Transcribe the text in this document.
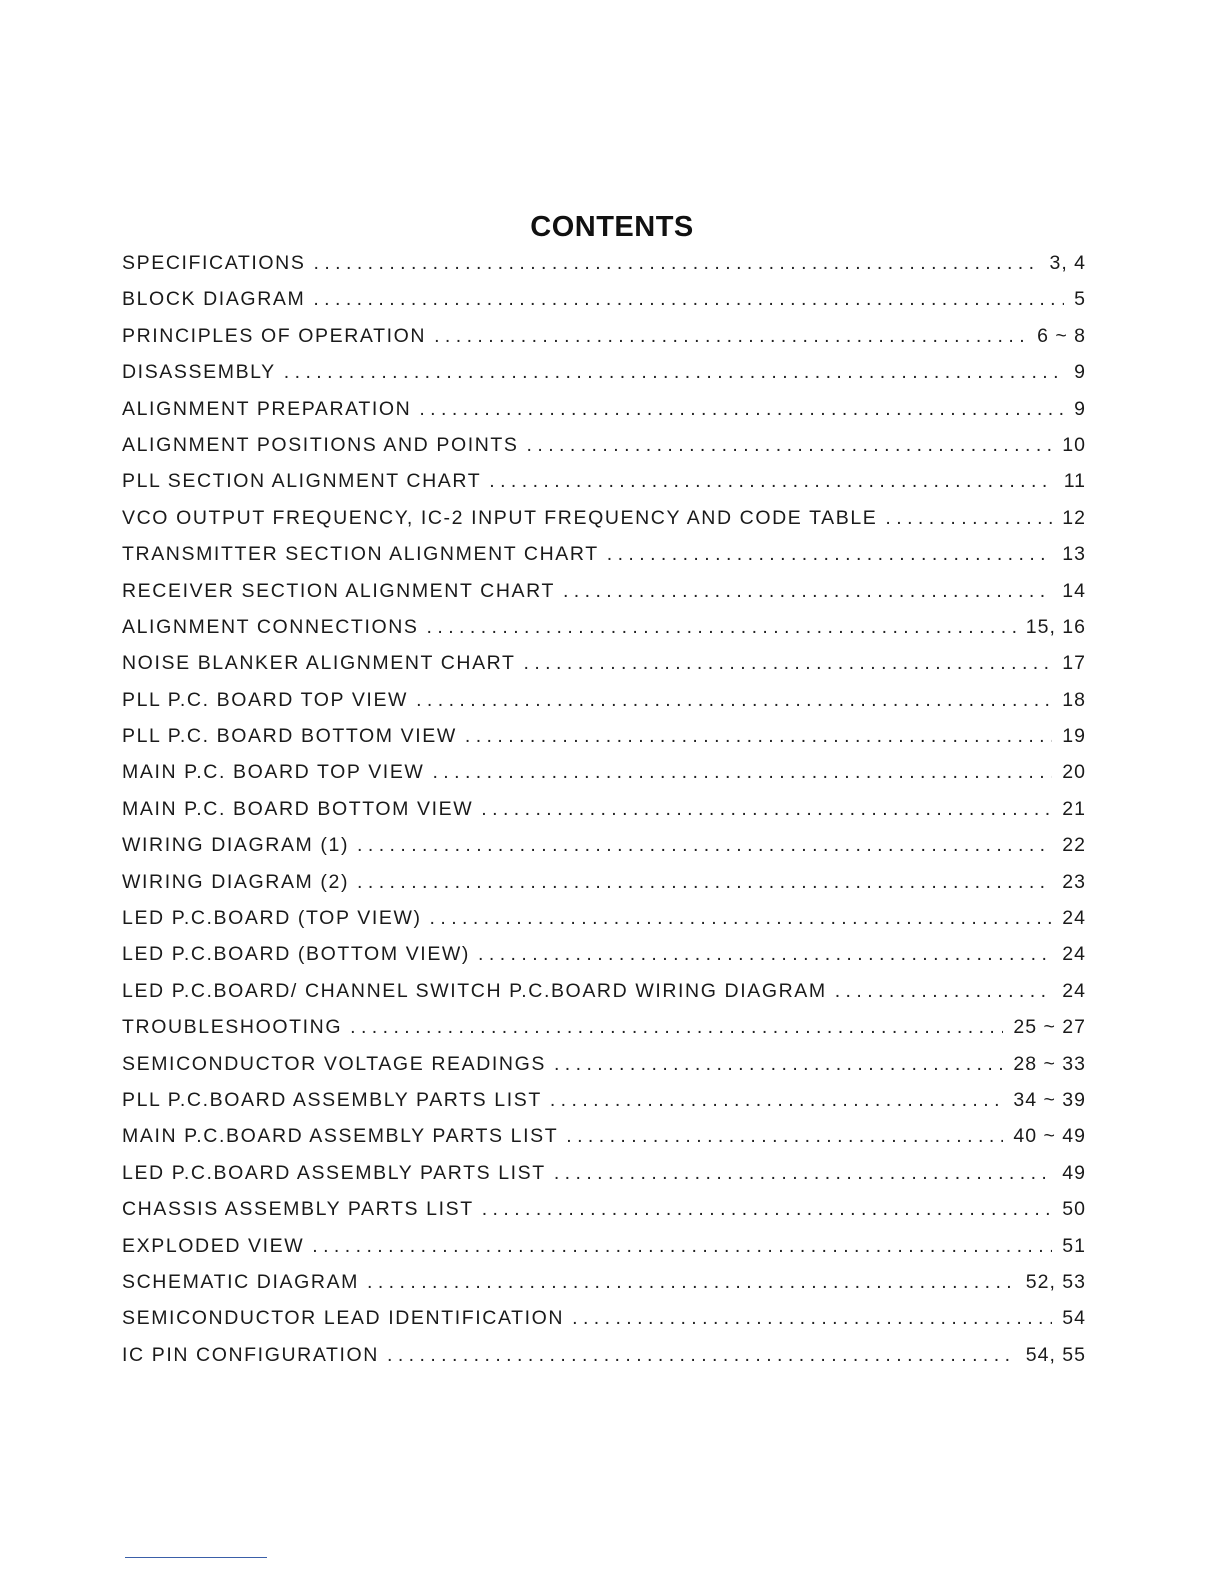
CONTENTS
SPECIFICATIONS . . .	3, 4
BLOCK DIAGRAM . . .	5
PRINCIPLES OF OPERATION . . .	6 ~ 8
DISASSEMBLY . . .	9
ALIGNMENT PREPARATION . . .	9
ALIGNMENT POSITIONS AND POINTS . . .	10
PLL SECTION ALIGNMENT CHART . . .	11
VCO OUTPUT FREQUENCY, IC-2 INPUT FREQUENCY AND CODE TABLE . . .	12
TRANSMITTER SECTION ALIGNMENT CHART . . .	13
RECEIVER SECTION ALIGNMENT CHART . . .	14
ALIGNMENT CONNECTIONS . . .	15, 16
NOISE BLANKER ALIGNMENT CHART . . .	17
PLL P.C. BOARD TOP VIEW . . .	18
PLL P.C. BOARD BOTTOM VIEW . . .	19
MAIN P.C. BOARD TOP VIEW . . .	20
MAIN P.C. BOARD BOTTOM VIEW . . .	21
WIRING DIAGRAM (1) . . .	22
WIRING DIAGRAM (2) . . .	23
LED P.C.BOARD (TOP VIEW) . . .	24
LED P.C.BOARD (BOTTOM VIEW) . . .	24
LED P.C.BOARD/ CHANNEL SWITCH P.C.BOARD WIRING DIAGRAM . . .	24
TROUBLESHOOTING . . .	25 ~ 27
SEMICONDUCTOR VOLTAGE READINGS . . .	28 ~ 33
PLL P.C.BOARD ASSEMBLY PARTS LIST . . .	34 ~ 39
MAIN P.C.BOARD ASSEMBLY PARTS LIST . . .	40 ~ 49
LED P.C.BOARD ASSEMBLY PARTS LIST . . .	49
CHASSIS ASSEMBLY PARTS LIST . . .	50
EXPLODED VIEW . . .	51
SCHEMATIC DIAGRAM . . .	52, 53
SEMICONDUCTOR LEAD IDENTIFICATION . . .	54
IC PIN CONFIGURATION . . .	54, 55
